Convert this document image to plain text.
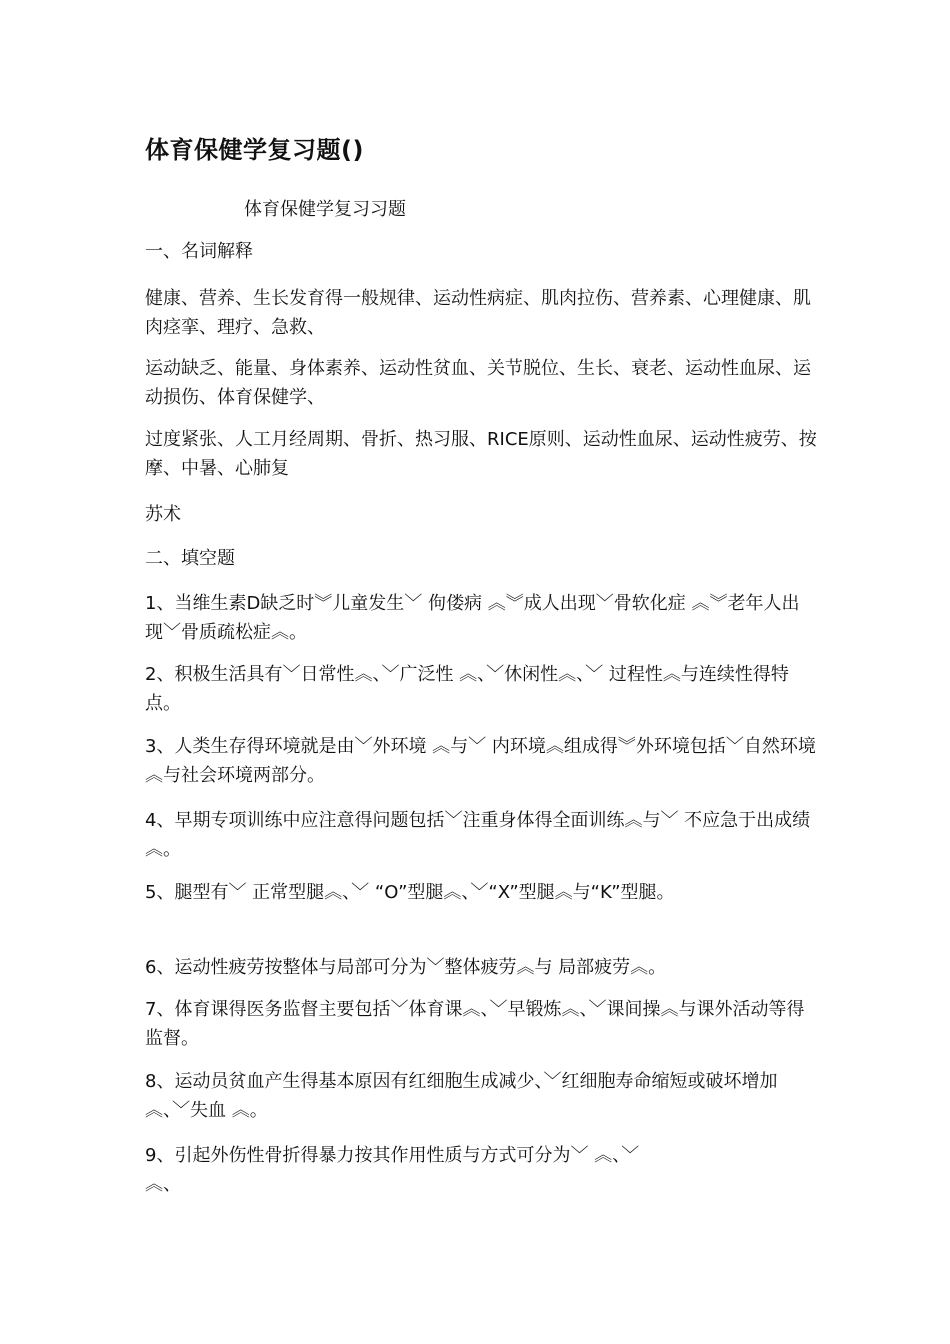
体育保健学复习题()
体育保健学复习习题
一、名词解释

健康、营养、生长发育得一般规律、运动性病症、肌肉拉伤、营养素、心理健康、肌肉痉挛、理疗、急救、

运动缺乏、能量、身体素养、运动性贫血、关节脱位、生长、衰老、运动性血尿、运动损伤、体育保健学、

过度紧张、人工月经周期、骨折、热习服、RICE原则、运动性血尿、运动性疲劳、按摩、中暑、心肺复

苏术
二、填空题

1、当维生素D缺乏时︾儿童发生﹀ 佝偻病 ︽︾成人出现﹀骨软化症 ︽︾老年人出现﹀骨质疏松症︽。

2、积极生活具有﹀日常性︽、﹀广泛性 ︽、﹀休闲性︽、﹀ 过程性︽与连续性得特点。

3、人类生存得环境就是由﹀外环境 ︽与﹀ 内环境︽组成得︾外环境包括﹀自然环境 ︽与社会环境两部分。

4、早期专项训练中应注意得问题包括﹀注重身体得全面训练︽与﹀ 不应急于出成绩︽。

5、腿型有﹀ 正常型腿︽、﹀ “O”型腿︽、﹀“X”型腿︽与“K”型腿。

6、运动性疲劳按整体与局部可分为﹀整体疲劳︽与 局部疲劳︽。

7、体育课得医务监督主要包括﹀体育课︽、﹀早锻炼︽、﹀课间操︽与课外活动等得监督。

8、运动员贫血产生得基本原因有红细胞生成减少、﹀红细胞寿命缩短或破坏增加︽、﹀失血 ︽。

9、引起外伤性骨折得暴力按其作用性质与方式可分为﹀ ︽、﹀

︽、
